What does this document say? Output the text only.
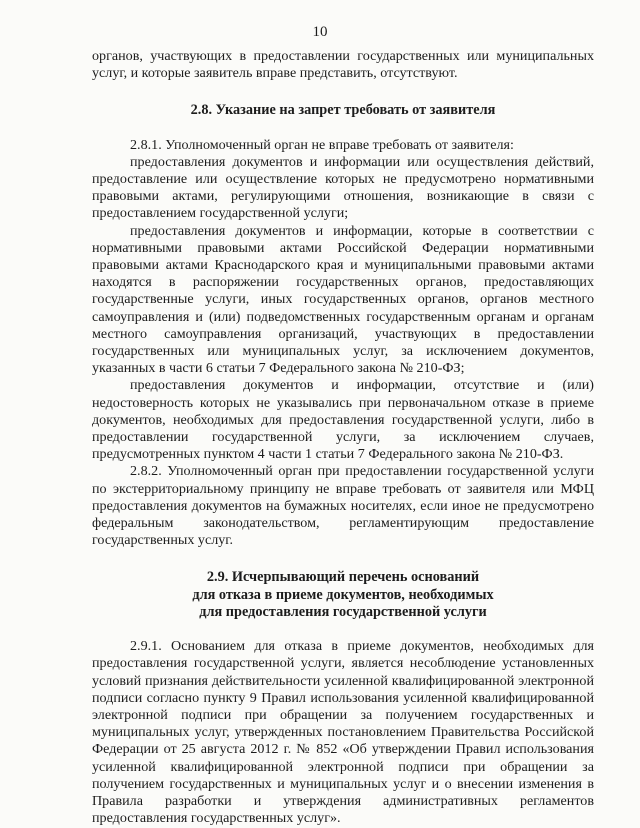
10

органов, участвующих в предоставлении государственных или муниципальных услуг, и которые заявитель вправе представить, отсутствуют.

2.8. Указание на запрет требовать от заявителя

2.8.1. Уполномоченный орган не вправе требовать от заявителя:

предоставления документов и информации или осуществления действий, предоставление или осуществление которых не предусмотрено нормативными правовыми актами, регулирующими отношения, возникающие в связи с предоставлением государственной услуги;

предоставления документов и информации, которые в соответствии с нормативными правовыми актами Российской Федерации нормативными правовыми актами Краснодарского края и муниципальными правовыми актами находятся в распоряжении государственных органов, предоставляющих государственные услуги, иных государственных органов, органов местного самоуправления и (или) подведомственных государственным органам и органам местного самоуправления организаций, участвующих в предоставлении государственных или муниципальных услуг, за исключением документов, указанных в части 6 статьи 7 Федерального закона № 210-ФЗ;

предоставления документов и информации, отсутствие и (или) недостоверность которых не указывались при первоначальном отказе в приеме документов, необходимых для предоставления государственной услуги, либо в предоставлении государственной услуги, за исключением случаев, предусмотренных пунктом 4 части 1 статьи 7 Федерального закона № 210-ФЗ.

2.8.2. Уполномоченный орган при предоставлении государственной услуги по экстерриториальному принципу не вправе требовать от заявителя или МФЦ предоставления документов на бумажных носителях, если иное не предусмотрено федеральным законодательством, регламентирующим предоставление государственных услуг.

2.9. Исчерпывающий перечень оснований
для отказа в приеме документов, необходимых
для предоставления государственной услуги

2.9.1. Основанием для отказа в приеме документов, необходимых для предоставления государственной услуги, является несоблюдение установленных условий признания действительности усиленной квалифицированной электронной подписи согласно пункту 9 Правил использования усиленной квалифицированной электронной подписи при обращении за получением государственных и муниципальных услуг, утвержденных постановлением Правительства Российской Федерации от 25 августа 2012 г. № 852 «Об утверждении Правил использования усиленной квалифицированной электронной подписи при обращении за получением государственных и муниципальных услуг и о внесении изменения в Правила разработки и утверждения административных регламентов предоставления государственных услуг».
